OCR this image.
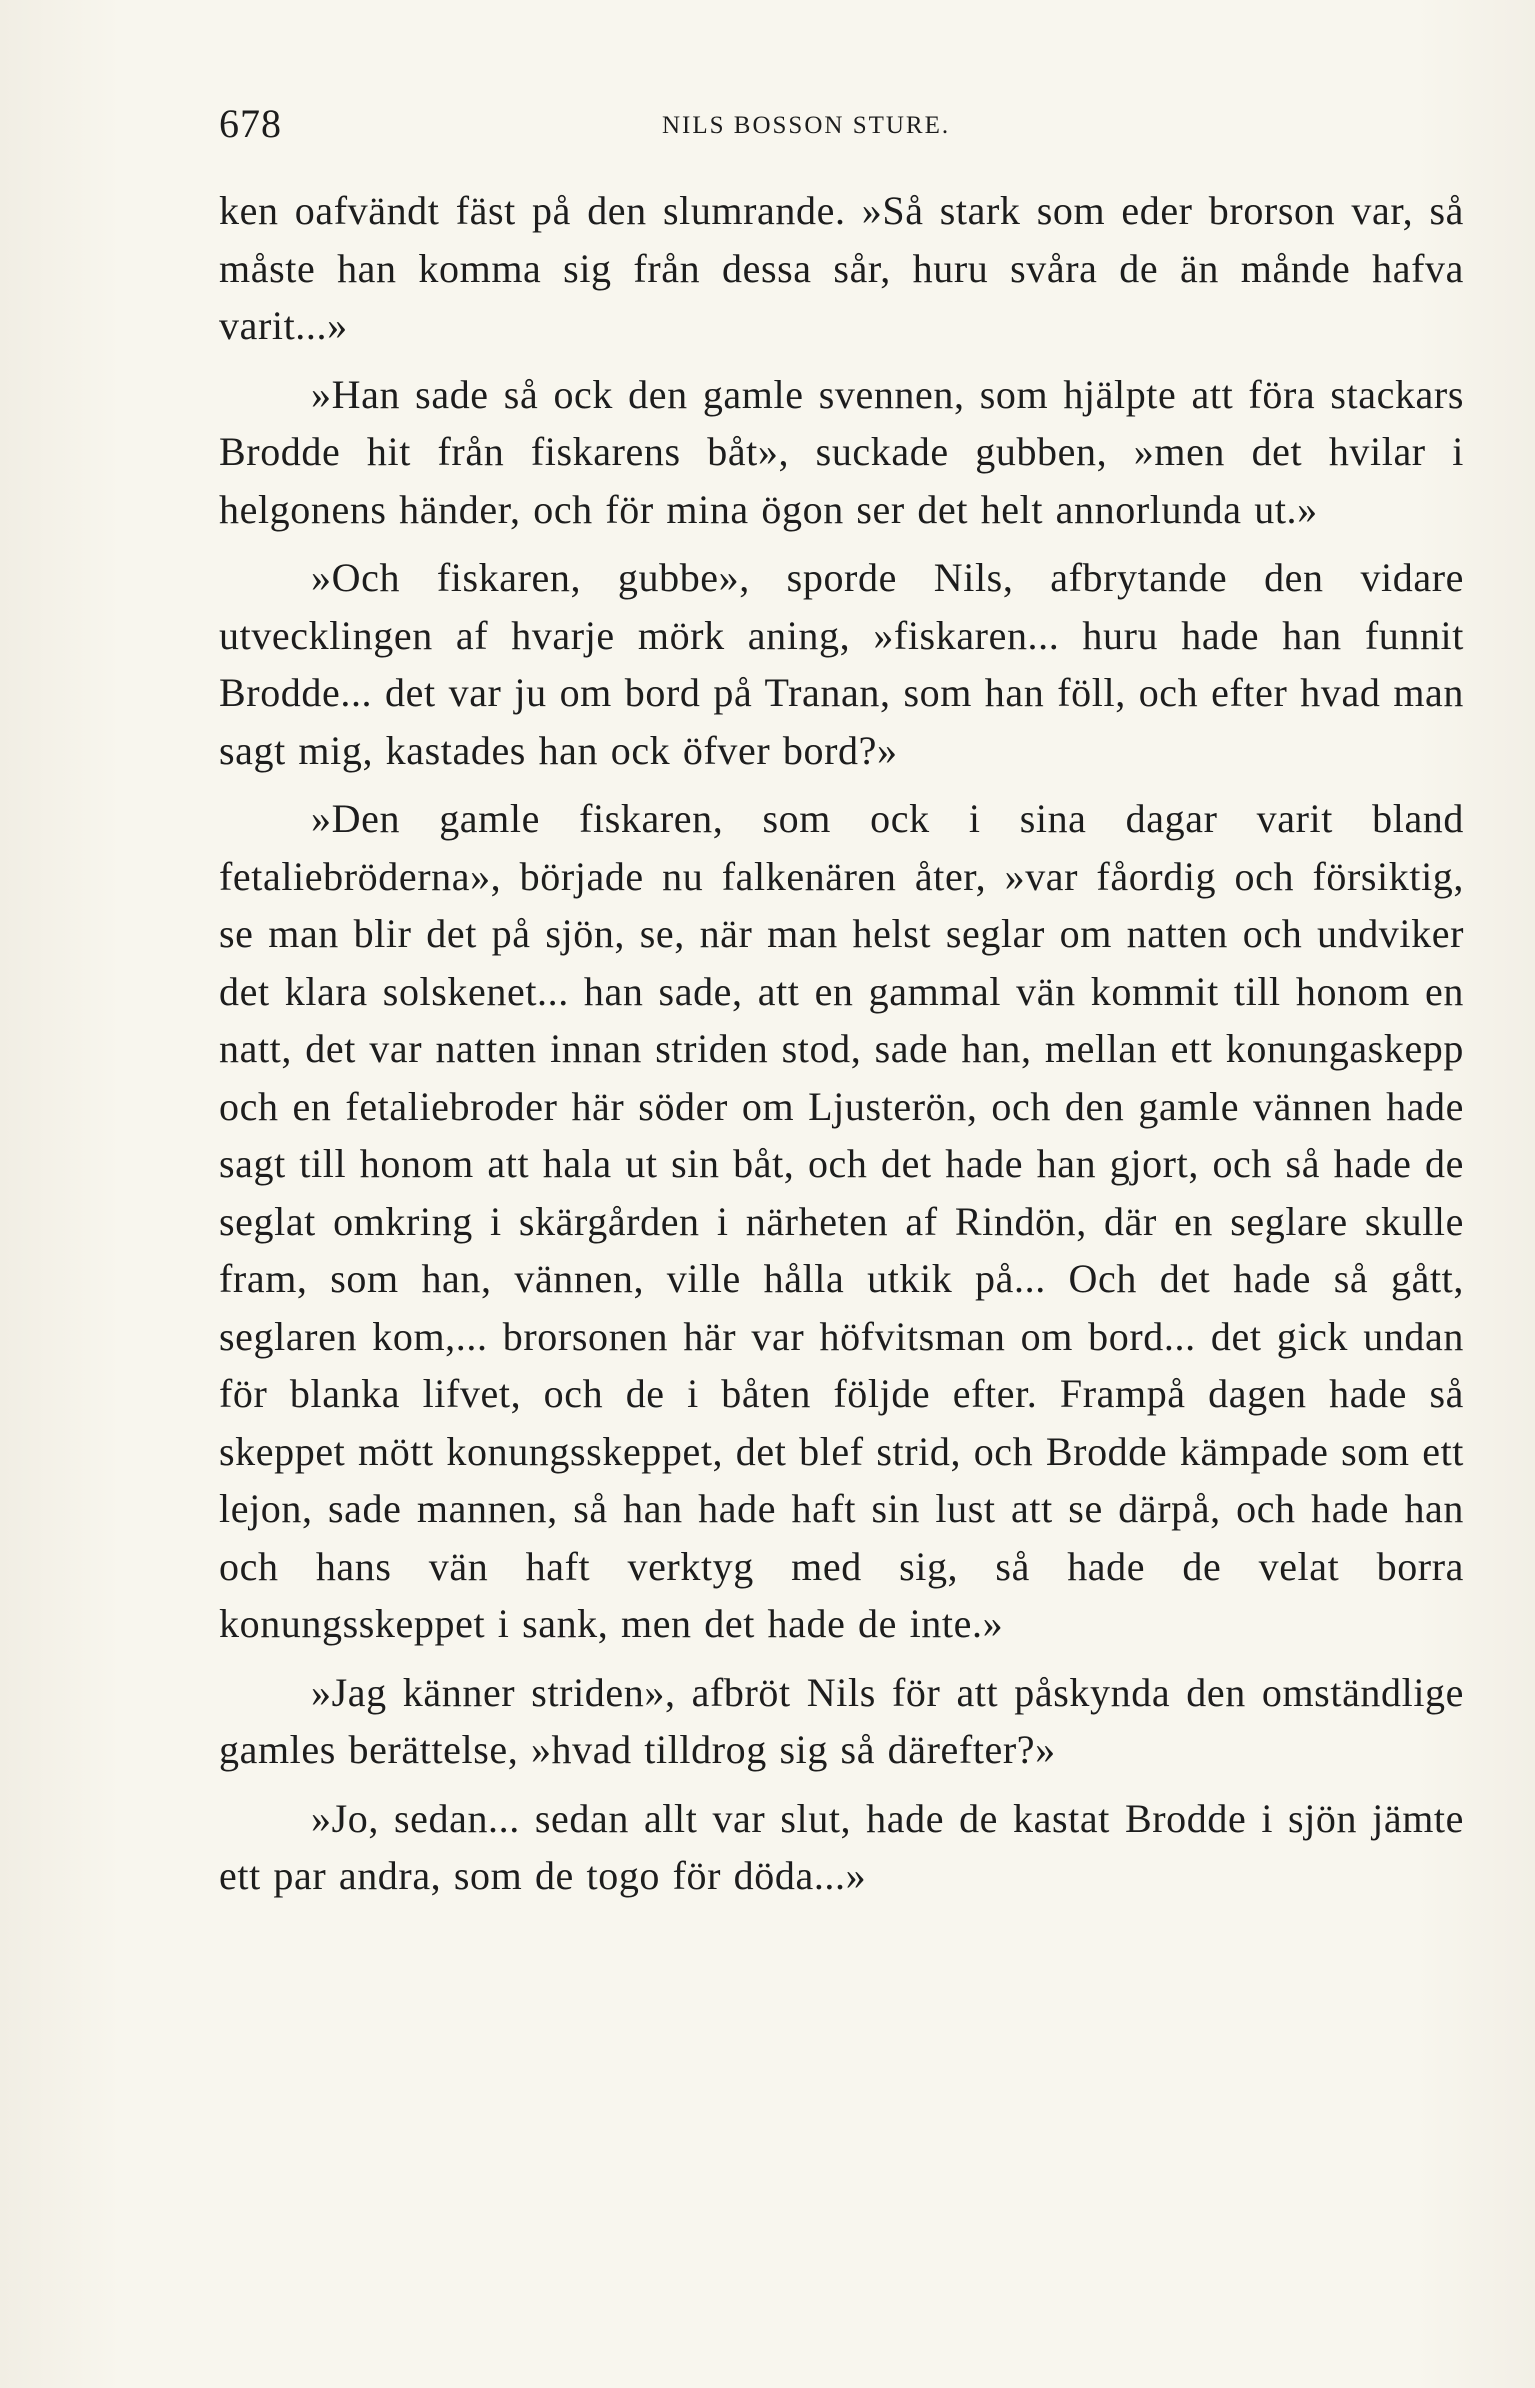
678	NILS BOSSON STURE.

ken oafvändt fäst på den slumrande. »Så stark som eder brorson var, så måste han komma sig från dessa sår, huru svåra de än månde hafva varit...»

»Han sade så ock den gamle svennen, som hjälpte att föra stackars Brodde hit från fiskarens båt», suckade gubben, »men det hvilar i helgonens händer, och för mina ögon ser det helt annorlunda ut.»

»Och fiskaren, gubbe», sporde Nils, afbrytande den vidare utvecklingen af hvarje mörk aning, »fiskaren... huru hade han funnit Brodde... det var ju om bord på Tranan, som han föll, och efter hvad man sagt mig, kastades han ock öfver bord?»

»Den gamle fiskaren, som ock i sina dagar varit bland fetaliebröderna», började nu falkenären åter, »var fåordig och försiktig, se man blir det på sjön, se, när man helst seglar om natten och undviker det klara solskenet... han sade, att en gammal vän kommit till honom en natt, det var natten innan striden stod, sade han, mellan ett konungaskepp och en fetaliebroder här söder om Ljusterön, och den gamle vännen hade sagt till honom att hala ut sin båt, och det hade han gjort, och så hade de seglat omkring i skärgården i närheten af Rindön, där en seglare skulle fram, som han, vännen, ville hålla utkik på... Och det hade så gått, seglaren kom,... brorsonen här var höfvitsman om bord... det gick undan för blanka lifvet, och de i båten följde efter. Frampå dagen hade så skeppet mött konungsskeppet, det blef strid, och Brodde kämpade som ett lejon, sade mannen, så han hade haft sin lust att se därpå, och hade han och hans vän haft verktyg med sig, så hade de velat borra konungsskeppet i sank, men det hade de inte.»

»Jag känner striden», afbröt Nils för att påskynda den omständlige gamles berättelse, »hvad tilldrog sig så därefter?»

»Jo, sedan... sedan allt var slut, hade de kastat Brodde i sjön jämte ett par andra, som de togo för döda...»
